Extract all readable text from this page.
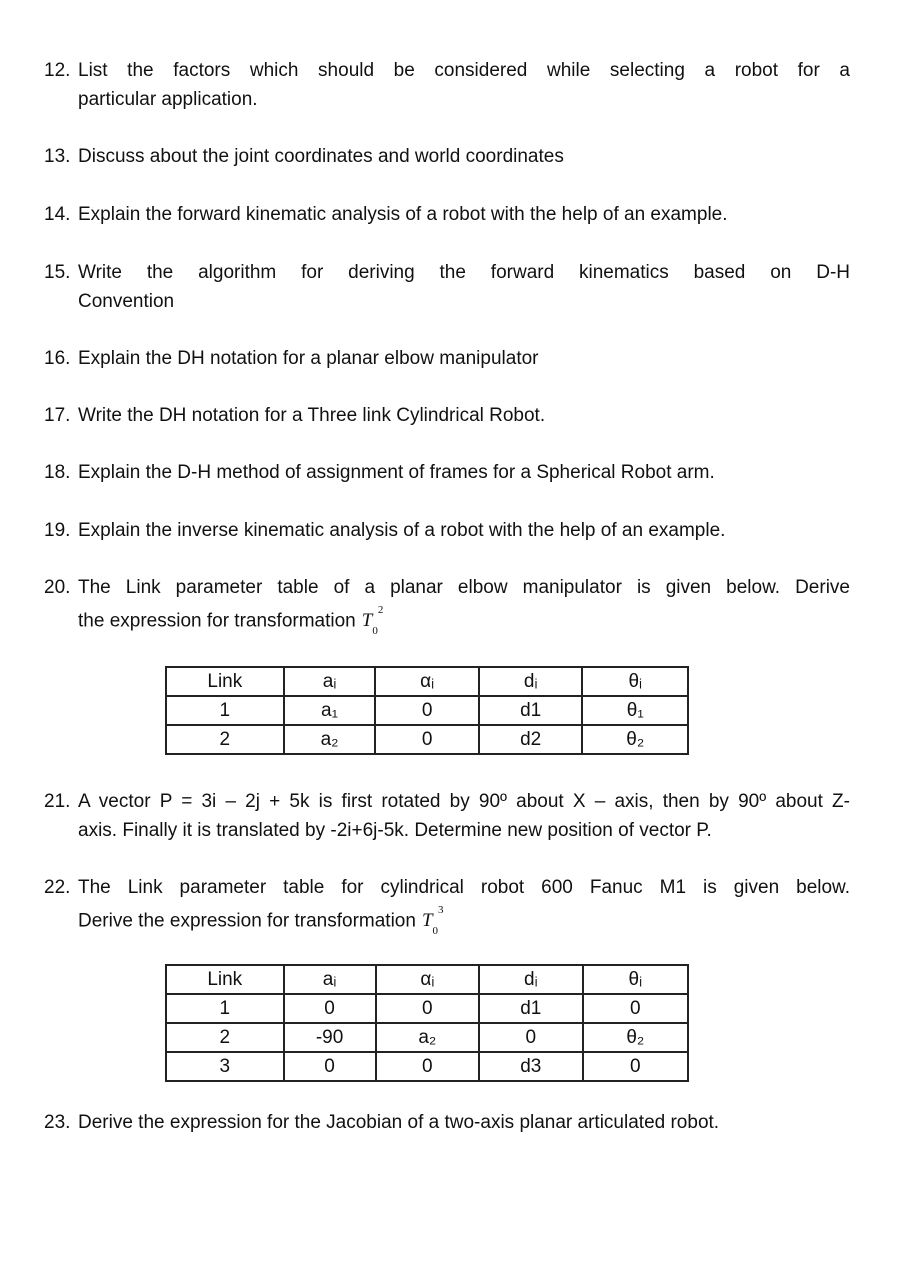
12. List the factors which should be considered while selecting a robot for a
particular application.
13. Discuss about the joint coordinates and world coordinates
14. Explain the forward kinematic analysis of a robot with the help of an example.
15. Write the algorithm for deriving the forward kinematics based on D-H
Convention
16. Explain the DH notation for a planar elbow manipulator
17. Write the DH notation for a Three link Cylindrical Robot.
18. Explain the D-H method of assignment of frames for a Spherical Robot arm.
19. Explain the inverse kinematic analysis of a robot with the help of an example.
20. The Link parameter table of a planar elbow manipulator is given below. Derive
the expression for transformation $T_0^2$
Link	aᵢ	αᵢ	dᵢ	θᵢ
1	a₁	0	d1	θ₁
2	a₂	0	d2	θ₂
21. A vector P = 3i – 2j + 5k is first rotated by 90º about X – axis, then by 90º about Z-
axis. Finally it is translated by -2i+6j-5k. Determine new position of vector P.
22. The Link parameter table for cylindrical robot 600 Fanuc M1 is given below.
Derive the expression for transformation $T_0^3$
Link	aᵢ	αᵢ	dᵢ	θᵢ
1	0	0	d1	0
2	-90	a₂	0	θ₂
3	0	0	d3	0
23. Derive the expression for the Jacobian of a two-axis planar articulated robot.
